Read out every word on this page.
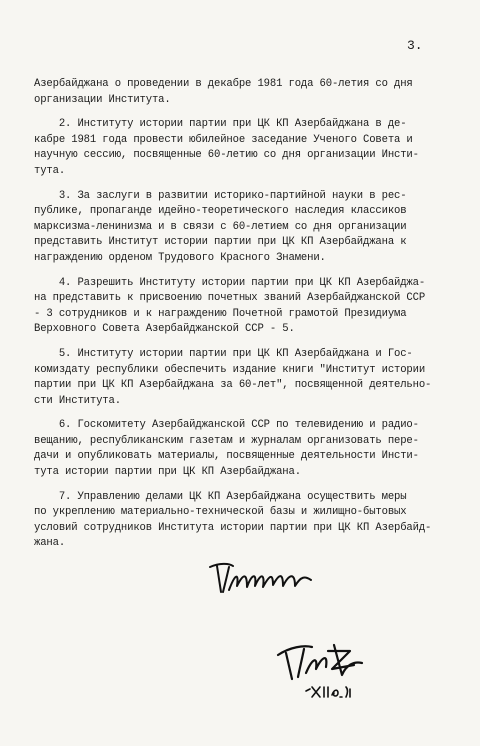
3.
Азербайджана о проведении в декабре 1981 года 60-летия со дня
организации Института.
2. Институту истории партии при ЦК КП Азербайджана в де-
кабре 1981 года провести юбилейное заседание Ученого Совета и
научную сессию, посвященные 60-летию со дня организации Инсти-
тута.
3. За заслуги в развитии историко-партийной науки в рес-
публике, пропаганде идейно-теоретического наследия классиков
марксизма-ленинизма и в связи с 60-летием со дня организации
представить Институт истории партии при ЦК КП Азербайджана к
награждению орденом Трудового Красного Знамени.
4. Разрешить Институту истории партии при ЦК КП Азербайджа-
на представить к присвоению почетных званий Азербайджанской ССР
- 3 сотрудников и к награждению Почетной грамотой Президиума
Верховного Совета Азербайджанской ССР - 5.
5. Институту истории партии при ЦК КП Азербайджана и Гос-
комиздату республики обеспечить издание книги "Институт истории
партии при ЦК КП Азербайджана за 60-лет", посвященной деятельно-
сти Института.
6. Госкомитету Азербайджанской ССР по телевидению и радио-
вещанию, республиканским газетам и журналам организовать пере-
дачи и опубликовать материалы, посвященные деятельности Инсти-
тута истории партии при ЦК КП Азербайджана.
7. Управлению делами ЦК КП Азербайджана осуществить меры
по укреплению материально-технической базы и жилищно-бытовых
условий сотрудников Института истории партии при ЦК КП Азербайд-
жана.
